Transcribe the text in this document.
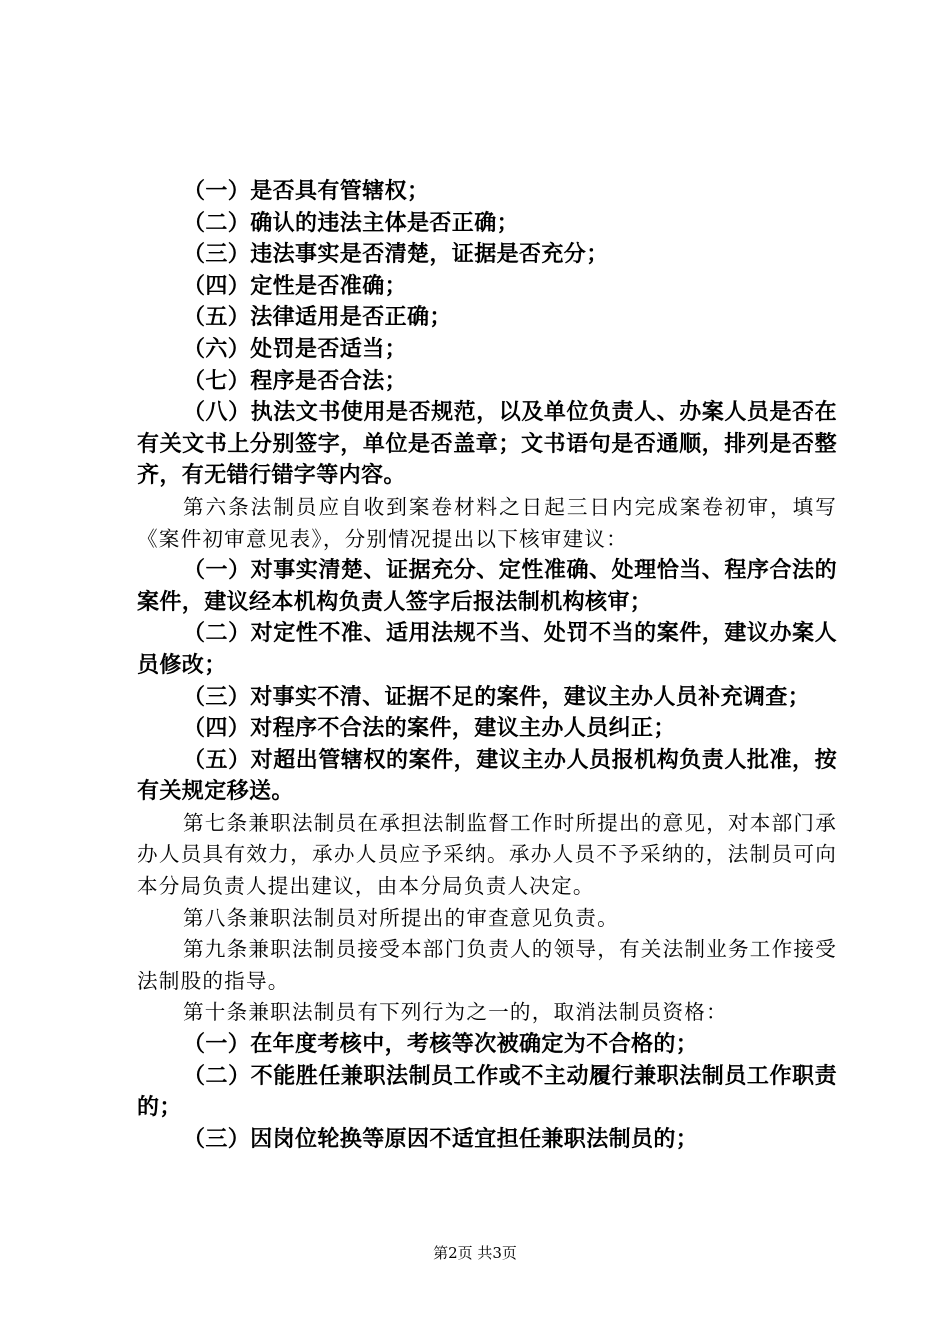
（一）是否具有管辖权；

（二）确认的违法主体是否正确；

（三）违法事实是否清楚，证据是否充分；

（四）定性是否准确；

（五）法律适用是否正确；

（六）处罚是否适当；

（七）程序是否合法；

（八）执法文书使用是否规范，以及单位负责人、办案人员是否在有关文书上分别签字，单位是否盖章；文书语句是否通顺，排列是否整齐，有无错行错字等内容。

第六条法制员应自收到案卷材料之日起三日内完成案卷初审，填写《案件初审意见表》，分别情况提出以下核审建议：

（一）对事实清楚、证据充分、定性准确、处理恰当、程序合法的案件，建议经本机构负责人签字后报法制机构核审；

（二）对定性不准、适用法规不当、处罚不当的案件，建议办案人员修改；

（三）对事实不清、证据不足的案件，建议主办人员补充调查；

（四）对程序不合法的案件，建议主办人员纠正；

（五）对超出管辖权的案件，建议主办人员报机构负责人批准，按有关规定移送。

第七条兼职法制员在承担法制监督工作时所提出的意见，对本部门承办人员具有效力，承办人员应予采纳。承办人员不予采纳的，法制员可向本分局负责人提出建议，由本分局负责人决定。

第八条兼职法制员对所提出的审查意见负责。

第九条兼职法制员接受本部门负责人的领导，有关法制业务工作接受法制股的指导。

第十条兼职法制员有下列行为之一的，取消法制员资格：

（一）在年度考核中，考核等次被确定为不合格的；

（二）不能胜任兼职法制员工作或不主动履行兼职法制员工作职责的；

（三）因岗位轮换等原因不适宜担任兼职法制员的；

第2页 共3页
